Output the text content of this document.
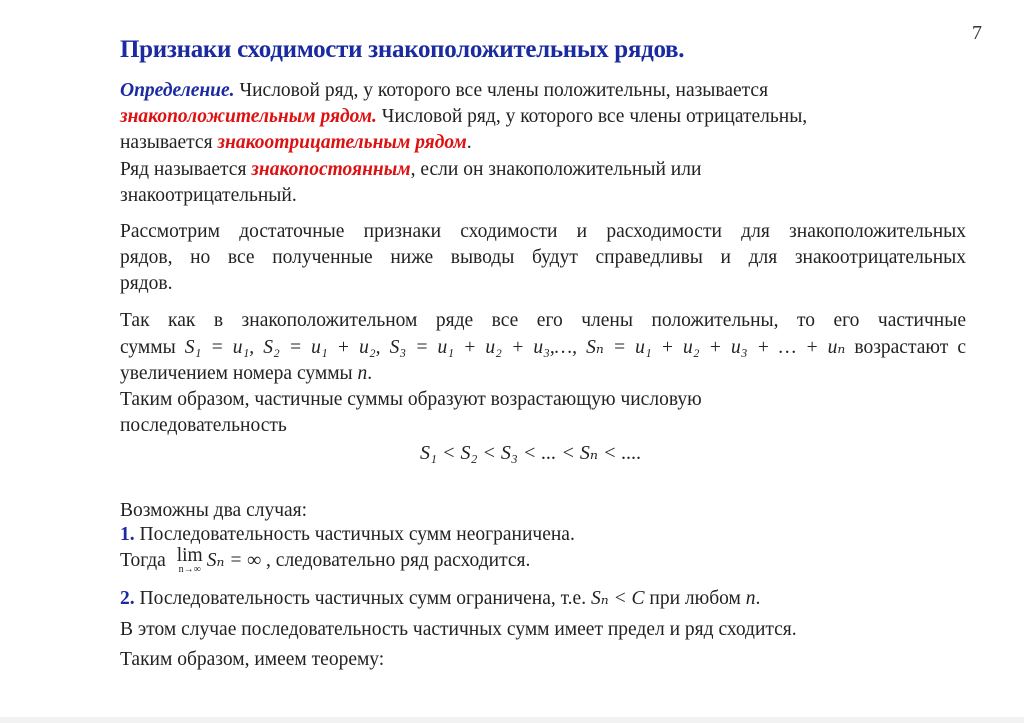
7
Признаки сходимости знакоположительных рядов.
Определение. Числовой ряд, у которого все члены положительны, называется
знакоположительным рядом. Числовой ряд, у которого все члены отрицательны,
называется знакоотрицательным рядом.
Ряд называется знакопостоянным, если он знакоположительный или
знакоотрицательный.
Рассмотрим достаточные признаки сходимости и расходимости для знакоположительных
рядов, но все полученные ниже выводы будут справедливы и для знакоотрицательных
рядов.
Так как в знакоположительном ряде все его члены положительны, то его частичные
суммы S₁ = u₁, S₂ = u₁ + u₂, S₃ = u₁ + u₂ + u₃,…, Sₙ = u₁ + u₂ + u₃ + … + uₙ возрастают с
увеличением номера суммы n.
Таким образом, частичные суммы образуют возрастающую числовую
последовательность
S₁ < S₂ < S₃ < ... < Sₙ < ....
Возможны два случая:
1. Последовательность частичных сумм неограничена.
Тогда lim
n→∞ Sₙ = ∞ , следовательно ряд расходится.
2. Последовательность частичных сумм ограничена, т.е. Sₙ < C при любом n.
В этом случае последовательность частичных сумм имеет предел и ряд сходится.
Таким образом, имеем теорему:
